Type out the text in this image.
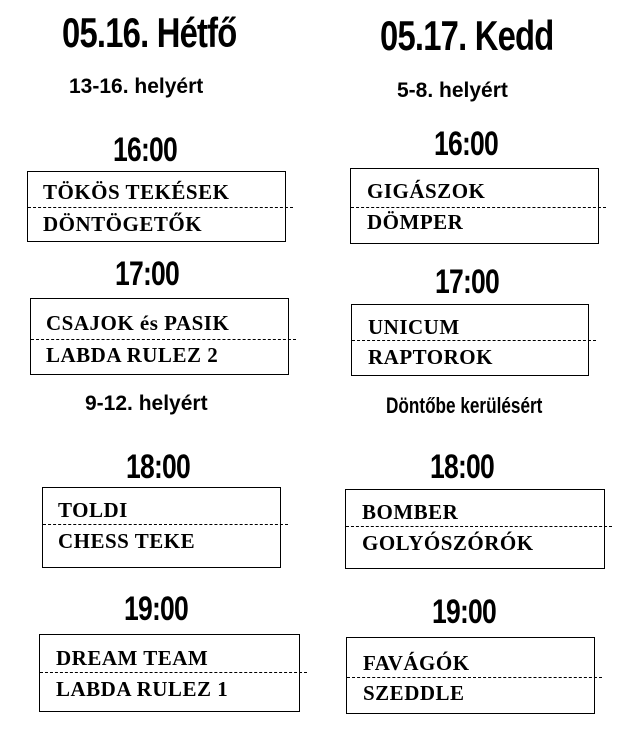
05.16. Hétfő
13-16. helyért
16:00
TÖKÖS TEKÉSEK
DÖNTÖGETŐK
17:00
CSAJOK és PASIK
LABDA RULEZ 2
9-12. helyért
18:00
TOLDI
CHESS TEKE
19:00
DREAM TEAM
LABDA RULEZ 1
05.17. Kedd
5-8. helyért
16:00
GIGÁSZOK
DÖMPER
17:00
UNICUM
RAPTOROK
Döntőbe kerülésért
18:00
BOMBER
GOLYÓSZÓRÓK
19:00
FAVÁGÓK
SZEDDLE
